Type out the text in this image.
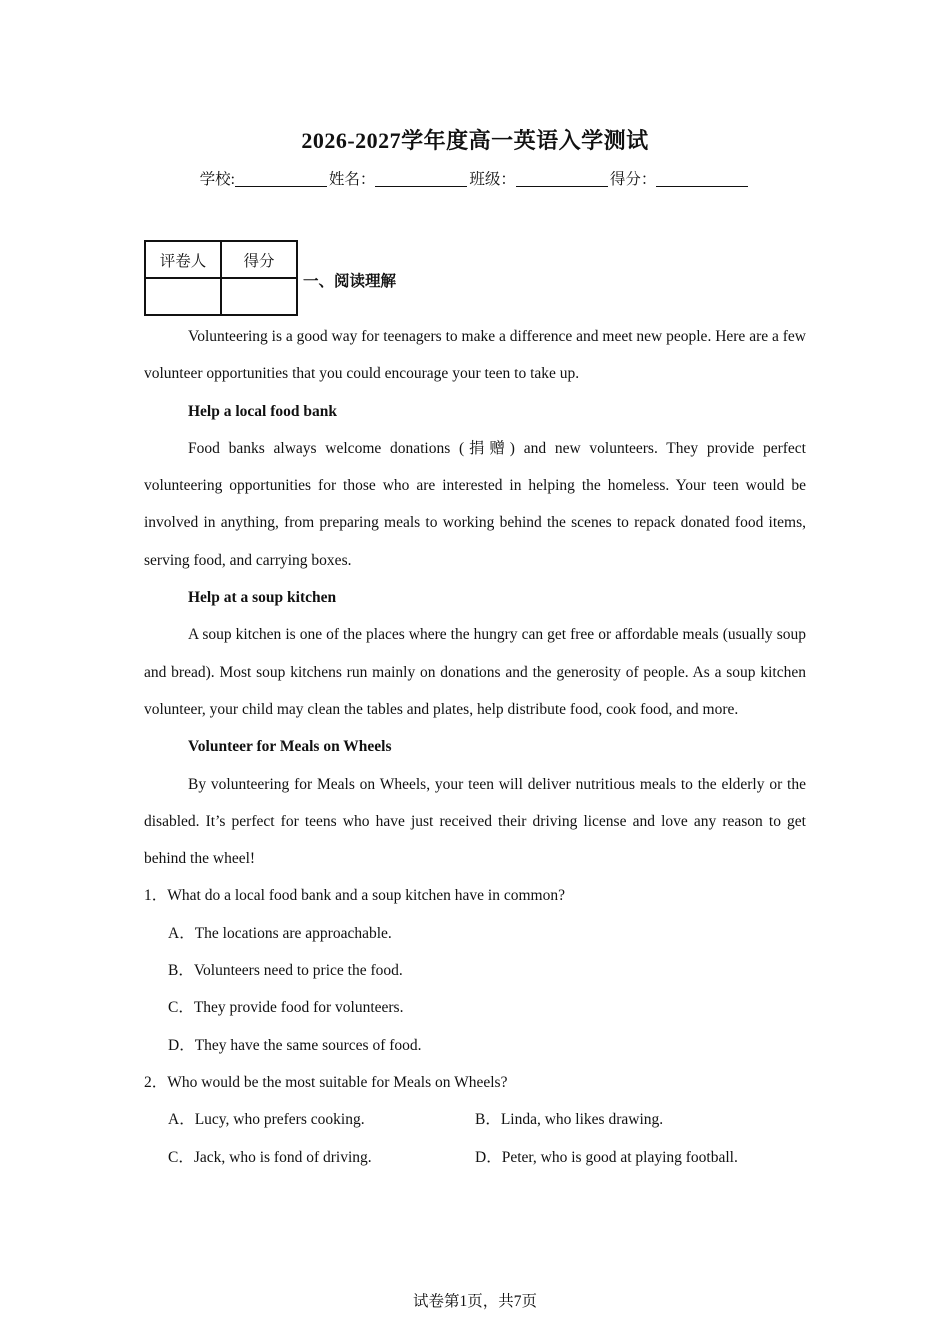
2026-2027学年度高一英语入学测试
学校:	姓名：	班级：	得分：
评卷人	得分

一、阅读理解

Volunteering is a good way for teenagers to make a difference and meet new people. Here are a few volunteer opportunities that you could encourage your teen to take up.

Help a local food bank

Food banks always welcome donations (捐赠) and new volunteers. They provide perfect volunteering opportunities for those who are interested in helping the homeless. Your teen would be involved in anything, from preparing meals to working behind the scenes to repack donated food items, serving food, and carrying boxes.

Help at a soup kitchen

A soup kitchen is one of the places where the hungry can get free or affordable meals (usually soup and bread). Most soup kitchens run mainly on donations and the generosity of people. As a soup kitchen volunteer, your child may clean the tables and plates, help distribute food, cook food, and more.

Volunteer for Meals on Wheels

By volunteering for Meals on Wheels, your teen will deliver nutritious meals to the elderly or the disabled. It’s perfect for teens who have just received their driving license and love any reason to get behind the wheel!

1．What do a local food bank and a soup kitchen have in common?

A．The locations are approachable.

B．Volunteers need to price the food.

C．They provide food for volunteers.

D．They have the same sources of food.

2．Who would be the most suitable for Meals on Wheels?

A．Lucy, who prefers cooking.	B．Linda, who likes drawing.

C．Jack, who is fond of driving.	D．Peter, who is good at playing football.

试卷第1页，共7页
